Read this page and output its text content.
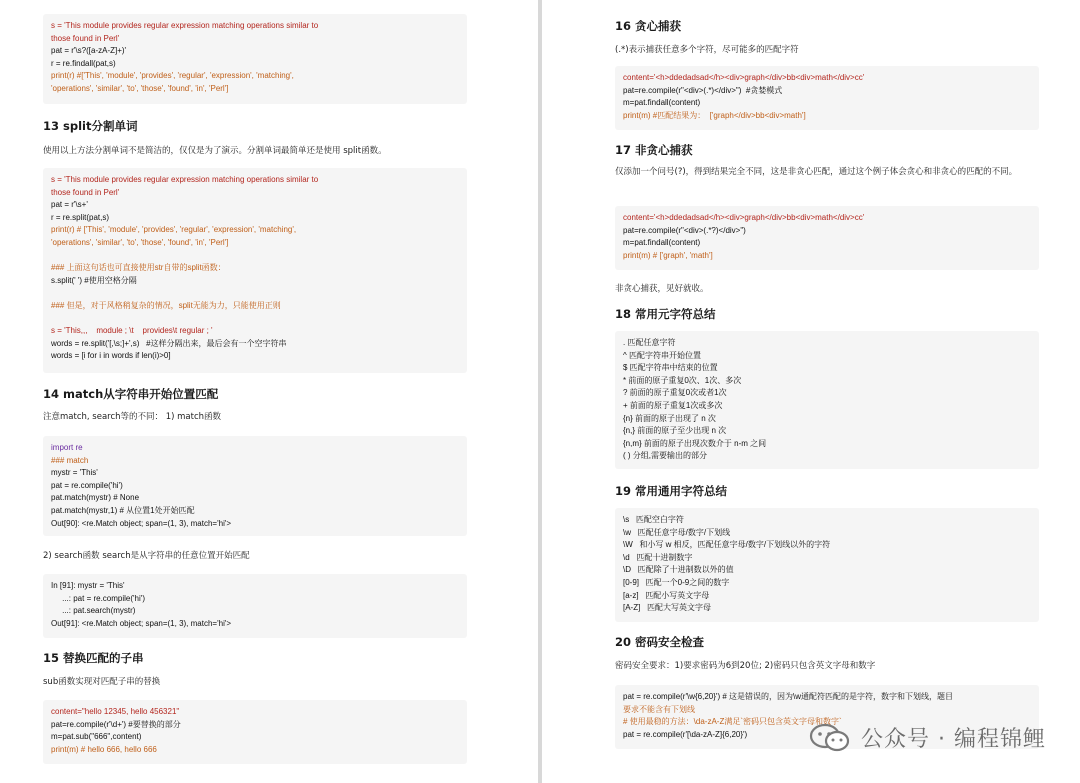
s = 'This module provides regular expression matching operations similar to
those found in Perl'
pat = r'\s?([a-zA-Z]+)'
r = re.findall(pat,s)
print(r) #['This', 'module', 'provides', 'regular', 'expression', 'matching',
'operations', 'similar', 'to', 'those', 'found', 'in', 'Perl']
13 split分割单词
使用以上方法分割单词不是简洁的，仅仅是为了演示。分割单词最简单还是使用 split函数。
s = 'This module provides regular expression matching operations similar to
those found in Perl'
pat = r'\s+'
r = re.split(pat,s)
print(r) # ['This', 'module', 'provides', 'regular', 'expression', 'matching',
'operations', 'similar', 'to', 'those', 'found', 'in', 'Perl']
### 上面这句话也可直接使用str自带的split函数：
s.split(' ') #使用空格分隔
### 但是，对于风格稍复杂的情况，split无能为力，只能使用正则
s = 'This,,,    module ; \t    provides\t regular ; '
words = re.split('[,\s;]+',s)   #这样分隔出来，最后会有一个空字符串
words = [i for i in words if len(i)>0]
14 match从字符串开始位置匹配
注意match, search等的不同： 1) match函数
import re
### match
mystr = 'This'
pat = re.compile('hi')
pat.match(mystr) # None
pat.match(mystr,1) # 从位置1处开始匹配
Out[90]: <re.Match object; span=(1, 3), match='hi'>
2) search函数 search是从字符串的任意位置开始匹配
In [91]: mystr = 'This'
...: pat = re.compile('hi')
...: pat.search(mystr)
Out[91]: <re.Match object; span=(1, 3), match='hi'>
15 替换匹配的子串
sub函数实现对匹配子串的替换
content="hello 12345, hello 456321"
pat=re.compile(r'\d+') #要替换的部分
m=pat.sub("666",content)
print(m) # hello 666, hello 666
16 贪心捕获
(.*)表示捕获任意多个字符，尽可能多的匹配字符
content='<h>ddedadsad</h><div>graph</div>bb<div>math</div>cc'
pat=re.compile(r"<div>(.*)</div>")  #贪婪模式
m=pat.findall(content)
print(m) #匹配结果为：  ['graph</div>bb<div>math']
17 非贪心捕获
仅添加一个问号(?)，得到结果完全不同，这是非贪心匹配，通过这个例子体会贪心和非贪心的匹配的不同。
content='<h>ddedadsad</h><div>graph</div>bb<div>math</div>cc'
pat=re.compile(r"<div>(.*?)</div>")
m=pat.findall(content)
print(m) # ['graph', 'math']
非贪心捕获，见好就收。
18 常用元字符总结
. 匹配任意字符
^ 匹配字符串开始位置
$ 匹配字符串中结束的位置
* 前面的原子重复0次、1次、多次
? 前面的原子重复0次或者1次
+ 前面的原子重复1次或多次
{n} 前面的原子出现了 n 次
{n,} 前面的原子至少出现 n 次
{n,m} 前面的原子出现次数介于 n-m 之间
( ) 分组,需要输出的部分
19 常用通用字符总结
\s   匹配空白字符
\w   匹配任意字母/数字/下划线
\W   和小写 w 相反，匹配任意字母/数字/下划线以外的字符
\d   匹配十进制数字
\D   匹配除了十进制数以外的值
[0-9]   匹配一个0-9之间的数字
[a-z]   匹配小写英文字母
[A-Z]   匹配大写英文字母
20 密码安全检查
密码安全要求：1)要求密码为6到20位; 2)密码只包含英文字母和数字
pat = re.compile(r'\w{6,20}') # 这是错误的，因为\w通配符匹配的是字符，数字和下划线，题目
要求不能含有下划线
# 使用最稳的方法：\da-zA-Z满足`密码只包含英文字母和数字`
pat = re.compile(r'[\da-zA-Z]{6,20}')	公众号 · 编程锦鲤
